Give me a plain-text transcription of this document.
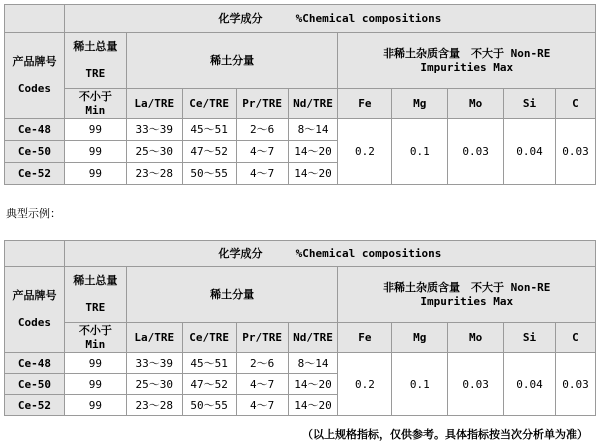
	化学成分 %Chemical compositions									

产品牌号

Codes	稀土总量

TRE	稀土分量				非稀土杂质含量　不大于 Non-RE
Impurities Max				

	不小于
Min	La/TRE	Ce/TRE	Pr/TRE	Nd/TRE	Fe	Mg	Mo	Si	C
Ce-48	99	33～39	45～51	2～6	8～14	0.2	0.1	0.03	0.04	0.03
Ce-50	99	25～30	47～52	4～7	14～20					
Ce-52	99	23～28	50～55	4～7	14～20					
典型示例：
	化学成分 %Chemical compositions									

产品牌号

Codes	稀土总量

TRE	稀土分量				非稀土杂质含量　不大于 Non-RE
Impurities Max				

	不小于
Min	La/TRE	Ce/TRE	Pr/TRE	Nd/TRE	Fe	Mg	Mo	Si	C
Ce-48	99	33～39	45～51	2～6	8～14	0.2	0.1	0.03	0.04	0.03
Ce-50	99	25～30	47～52	4～7	14～20					
Ce-52	99	23～28	50～55	4～7	14～20					
（以上规格指标，仅供参考。具体指标按当次分析单为准）
